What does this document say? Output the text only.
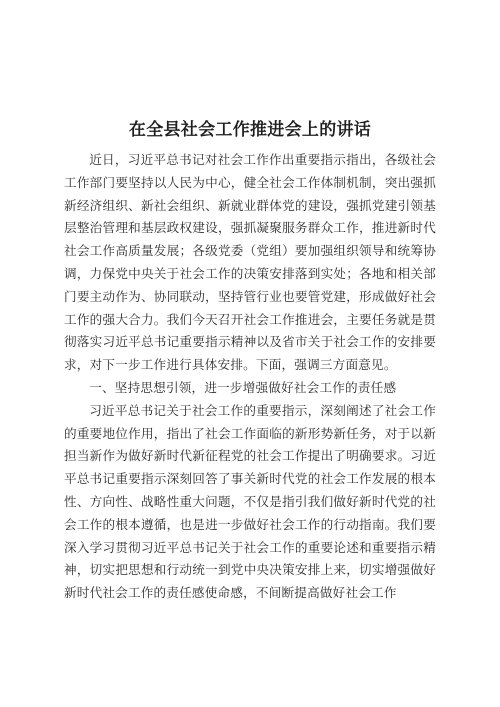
在全县社会工作推进会上的讲话

近日，习近平总书记对社会工作作出重要指示指出，各级社会工作部门要坚持以人民为中心，健全社会工作体制机制，突出强抓新经济组织、新社会组织、新就业群体党的建设，强抓党建引领基层整治管理和基层政权建设，强抓凝聚服务群众工作，推进新时代社会工作高质量发展；各级党委（党组）要加强组织领导和统筹协调，力保党中央关于社会工作的决策安排落到实处；各地和相关部门要主动作为、协同联动，坚持管行业也要管党建，形成做好社会工作的强大合力。我们今天召开社会工作推进会，主要任务就是贯彻落实习近平总书记重要指示精神以及省市关于社会工作的安排要求，对下一步工作进行具体安排。下面，强调三方面意见。

一、坚持思想引领，进一步增强做好社会工作的责任感

习近平总书记关于社会工作的重要指示，深刻阐述了社会工作的重要地位作用，指出了社会工作面临的新形势新任务，对于以新担当新作为做好新时代新征程党的社会工作提出了明确要求。习近平总书记重要指示深刻回答了事关新时代党的社会工作发展的根本性、方向性、战略性重大问题，不仅是指引我们做好新时代党的社会工作的根本遵循，也是进一步做好社会工作的行动指南。我们要深入学习贯彻习近平总书记关于社会工作的重要论述和重要指示精神，切实把思想和行动统一到党中央决策安排上来，切实增强做好新时代社会工作的责任感使命感，不间断提高做好社会工作
